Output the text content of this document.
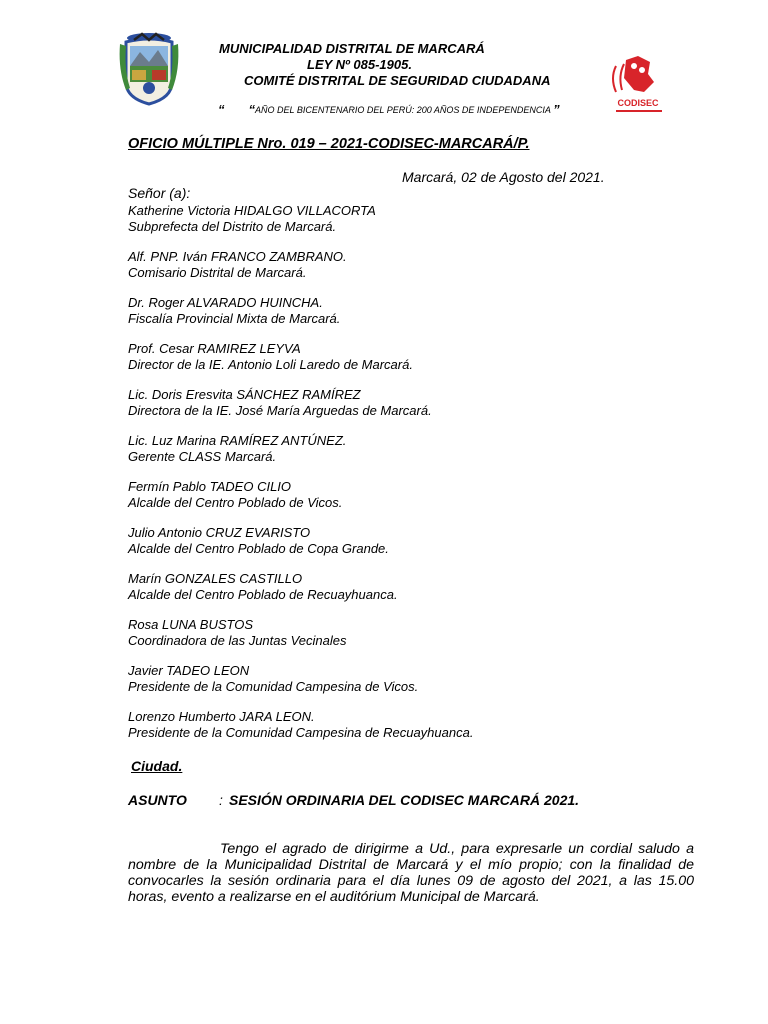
CODISEC
MUNICIPALIDAD DISTRITAL DE MARCARÁ
LEY Nº 085-1905.
COMITÉ DISTRITAL DE SEGURIDAD CIUDADANA
“ “AÑO DEL BICENTENARIO DEL PERÚ: 200 AÑOS DE INDEPENDENCIA ”
OFICIO MÚLTIPLE Nro. 019 – 2021-CODISEC-MARCARÁ/P.
Marcará, 02 de Agosto del 2021.
Señor (a):
Katherine Victoria HIDALGO VILLACORTA
Subprefecta del Distrito de Marcará.
Alf. PNP. Iván FRANCO ZAMBRANO.
Comisario Distrital de Marcará.
Dr. Roger ALVARADO HUINCHA.
Fiscalía Provincial Mixta de Marcará.
Prof. Cesar RAMIREZ LEYVA
Director de la IE. Antonio Loli Laredo de Marcará.
Lic. Doris Eresvita SÁNCHEZ RAMÍREZ
Directora de la IE. José María Arguedas de Marcará.
Lic. Luz Marina RAMÍREZ ANTÚNEZ.
Gerente CLASS Marcará.
Fermín Pablo TADEO CILIO
Alcalde del Centro Poblado de Vicos.
Julio Antonio CRUZ EVARISTO
Alcalde del Centro Poblado de Copa Grande.
Marín GONZALES CASTILLO
Alcalde del Centro Poblado de Recuayhuanca.
Rosa LUNA BUSTOS
Coordinadora de las Juntas Vecinales
Javier TADEO LEON
Presidente de la Comunidad Campesina de Vicos.
Lorenzo Humberto JARA LEON.
Presidente de la Comunidad Campesina de Recuayhuanca.
Ciudad.
ASUNTO : SESIÓN ORDINARIA DEL CODISEC MARCARÁ 2021.
Tengo el agrado de dirigirme a Ud., para expresarle un cordial saludo a nombre de la Municipalidad Distrital de Marcará y el mío propio; con la finalidad de convocarles la sesión ordinaria para el día lunes 09 de agosto del 2021, a las 15.00 horas, evento a realizarse en el auditórium Municipal de Marcará.
